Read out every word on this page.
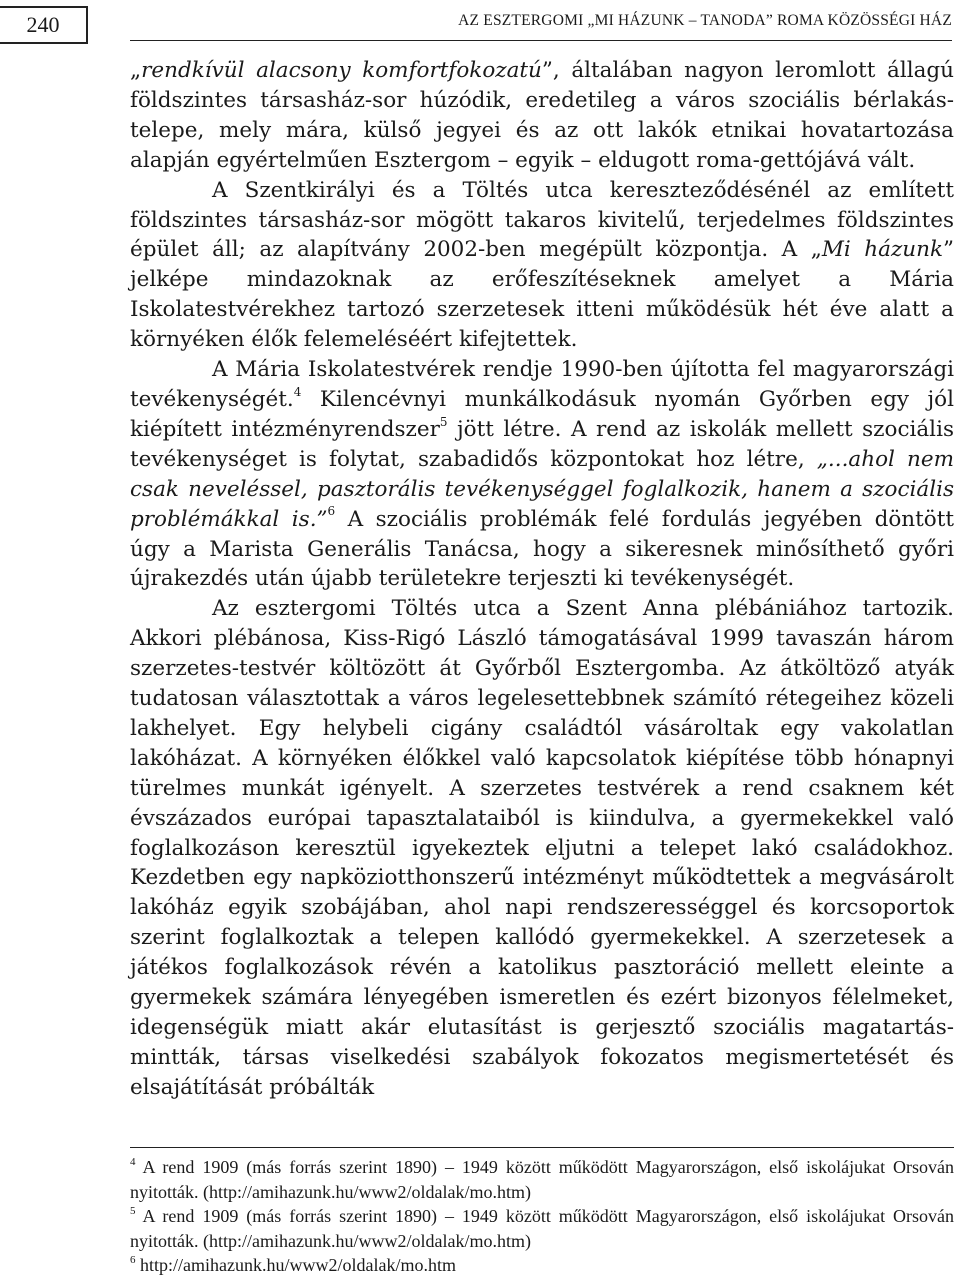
240	AZ ESZTERGOMI „MI HÁZUNK – TANODA” ROMA KÖZÖSSÉGI HÁZ

„rendkívül alacsony komfortfokozatú”, általában nagyon leromlott állagú földszintes társasház-sor húzódik, eredetileg a város szociális bérlakás-telepe, mely mára, külső jegyei és az ott lakók etnikai hovatartozása alapján egyértelműen Esztergom – egyik – eldugott roma-gettójává vált.

A Szentkirályi és a Töltés utca kereszteződésénél az említett földszintes társasház-sor mögött takaros kivitelű, terjedelmes földszintes épület áll; az alapítvány 2002-ben megépült központja. A „Mi házunk” jelképe mindazoknak az erőfeszítéseknek amelyet a Mária Iskolatestvérekhez tartozó szerzetesek itteni működésük hét éve alatt a környéken élők felemeléséért kifejtettek.

A Mária Iskolatestvérek rendje 1990-ben újította fel magyarországi tevékenységét.$^4$ Kilencévnyi munkálkodásuk nyomán Győrben egy jól kiépített intézményrendszer$^5$ jött létre. A rend az iskolák mellett szociális tevékenységet is folytat, szabadidős központokat hoz létre, „...ahol nem csak neveléssel, pasztorális tevékenységgel foglalkozik, hanem a szociális problémákkal is.”$^6$ A szociális problémák felé fordulás jegyében döntött úgy a Marista Generális Tanácsa, hogy a sikeresnek minősíthető győri újrakezdés után újabb területekre terjeszti ki tevékenységét.

Az esztergomi Töltés utca a Szent Anna plébániához tartozik. Akkori plébánosa, Kiss-Rigó László támogatásával 1999 tavaszán három szerzetes-testvér költözött át Győrből Esztergomba. Az átköltöző atyák tudatosan választottak a város legelesettebbnek számító rétegeihez közeli lakhelyet. Egy helybeli cigány családtól vásároltak egy vakolatlan lakóházat. A környéken élőkkel való kapcsolatok kiépítése több hónapnyi türelmes munkát igényelt. A szerzetes testvérek a rend csaknem két évszázados európai tapasztalataiból is kiindulva, a gyermekekkel való foglalkozáson keresztül igyekeztek eljutni a telepet lakó családokhoz. Kezdetben egy napköziotthonszerű intézményt működtettek a megvásárolt lakóház egyik szobájában, ahol napi rendszerességgel és korcsoportok szerint foglalkoztak a telepen kallódó gyermekekkel. A szerzetesek a játékos foglalkozások révén a katolikus pasztoráció mellett eleinte a gyermekek számára lényegében ismeretlen és ezért bizonyos félelmeket, idegenségük miatt akár elutasítást is gerjesztő szociális magatartás-mintták, társas viselkedési szabályok fokozatos megismertetését és elsajátítását próbálták

$^4$ A rend 1909 (más forrás szerint 1890) – 1949 között működött Magyarországon, első iskolájukat Orsován nyitották. (http://amihazunk.hu/www2/oldalak/mo.htm)

$^5$ A rend 1909 (más forrás szerint 1890) – 1949 között működött Magyarországon, első iskolájukat Orsován nyitották. (http://amihazunk.hu/www2/oldalak/mo.htm)

$^6$ http://amihazunk.hu/www2/oldalak/mo.htm
